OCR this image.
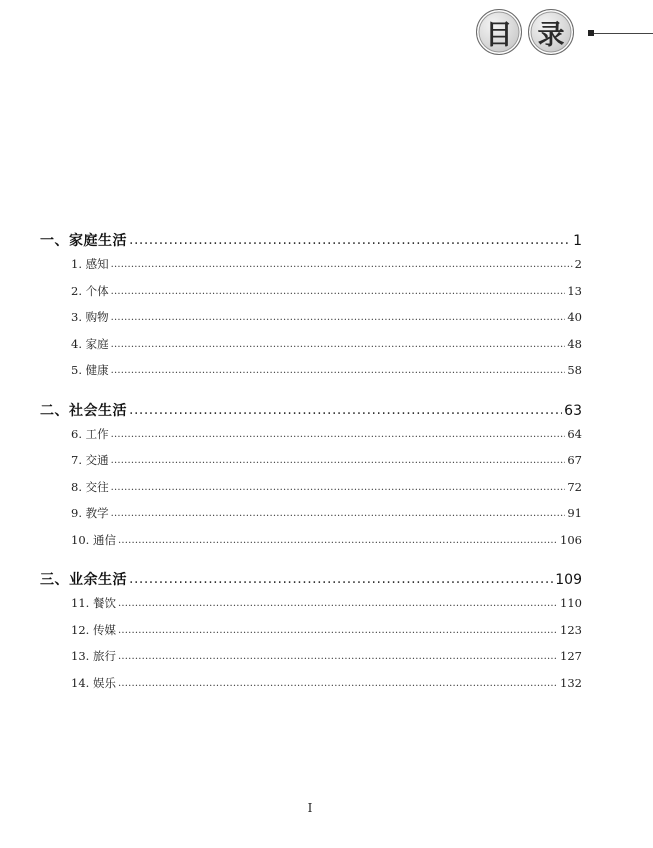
目 录
一、家庭生活 .....	1
1. 感知 .....	2
2. 个体 .....	13
3. 购物 .....	40
4. 家庭 .....	48
5. 健康 .....	58
二、社会生活 .....	63
6. 工作 .....	64
7. 交通 .....	67
8. 交往 .....	72
9. 教学 .....	91
10. 通信 .....	106
三、业余生活 .....	109
11. 餐饮 .....	110
12. 传媒 .....	123
13. 旅行 .....	127
14. 娱乐 .....	132
I
